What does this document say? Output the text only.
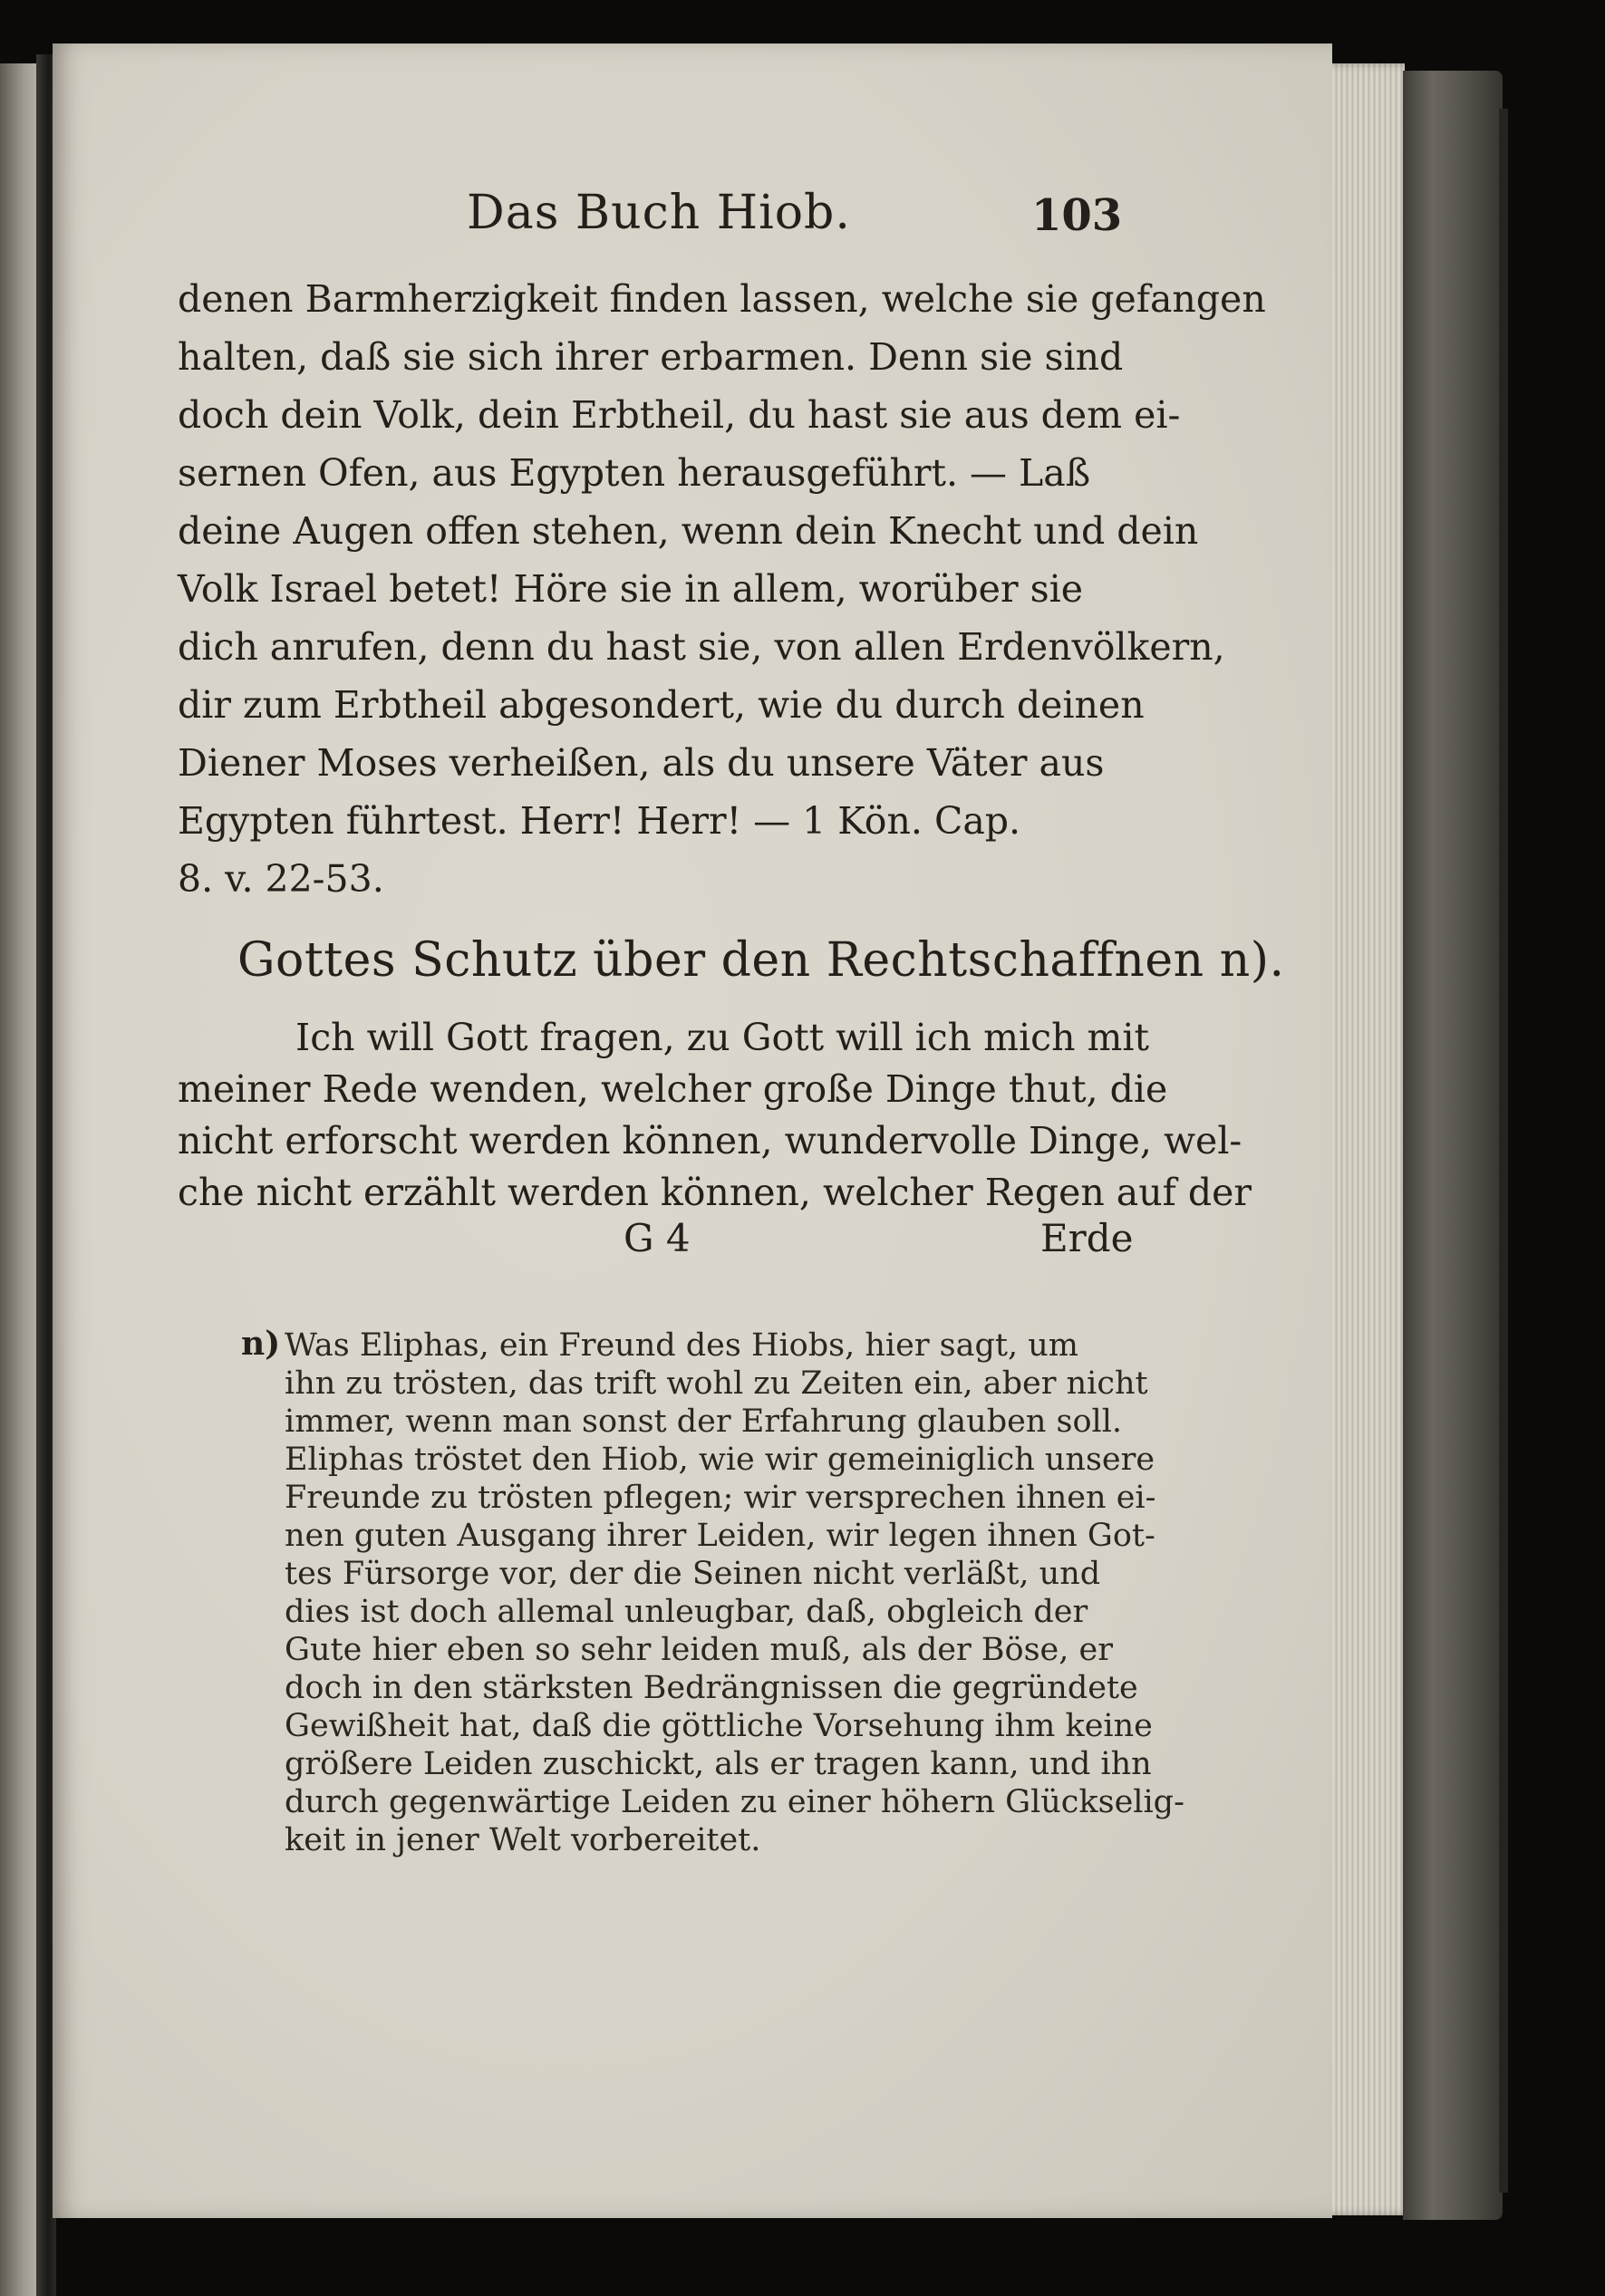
Das Buch Hiob.	103
denen Barmherzigkeit finden lassen, welche sie gefangen
halten, daß sie sich ihrer erbarmen. Denn sie sind
doch dein Volk, dein Erbtheil, du hast sie aus dem ei-
sernen Ofen, aus Egypten herausgeführt. — Laß
deine Augen offen stehen, wenn dein Knecht und dein
Volk Israel betet! Höre sie in allem, worüber sie
dich anrufen, denn du hast sie, von allen Erdenvölkern,
dir zum Erbtheil abgesondert, wie du durch deinen
Diener Moses verheißen, als du unsere Väter aus
Egypten führtest. Herr! Herr! — 1 Kön. Cap.
8. v. 22-53.
Gottes Schutz über den Rechtschaffnen n).
Ich will Gott fragen, zu Gott will ich mich mit
meiner Rede wenden, welcher große Dinge thut, die
nicht erforscht werden können, wundervolle Dinge, wel-
che nicht erzählt werden können, welcher Regen auf der
G 4	Erde
n) Was Eliphas, ein Freund des Hiobs, hier sagt, um
ihn zu trösten, das trift wohl zu Zeiten ein, aber nicht
immer, wenn man sonst der Erfahrung glauben soll.
Eliphas tröstet den Hiob, wie wir gemeiniglich unsere
Freunde zu trösten pflegen; wir versprechen ihnen ei-
nen guten Ausgang ihrer Leiden, wir legen ihnen Got-
tes Fürsorge vor, der die Seinen nicht verläßt, und
dies ist doch allemal unleugbar, daß, obgleich der
Gute hier eben so sehr leiden muß, als der Böse, er
doch in den stärksten Bedrängnissen die gegründete
Gewißheit hat, daß die göttliche Vorsehung ihm keine
größere Leiden zuschickt, als er tragen kann, und ihn
durch gegenwärtige Leiden zu einer höhern Glückselig-
keit in jener Welt vorbereitet.
